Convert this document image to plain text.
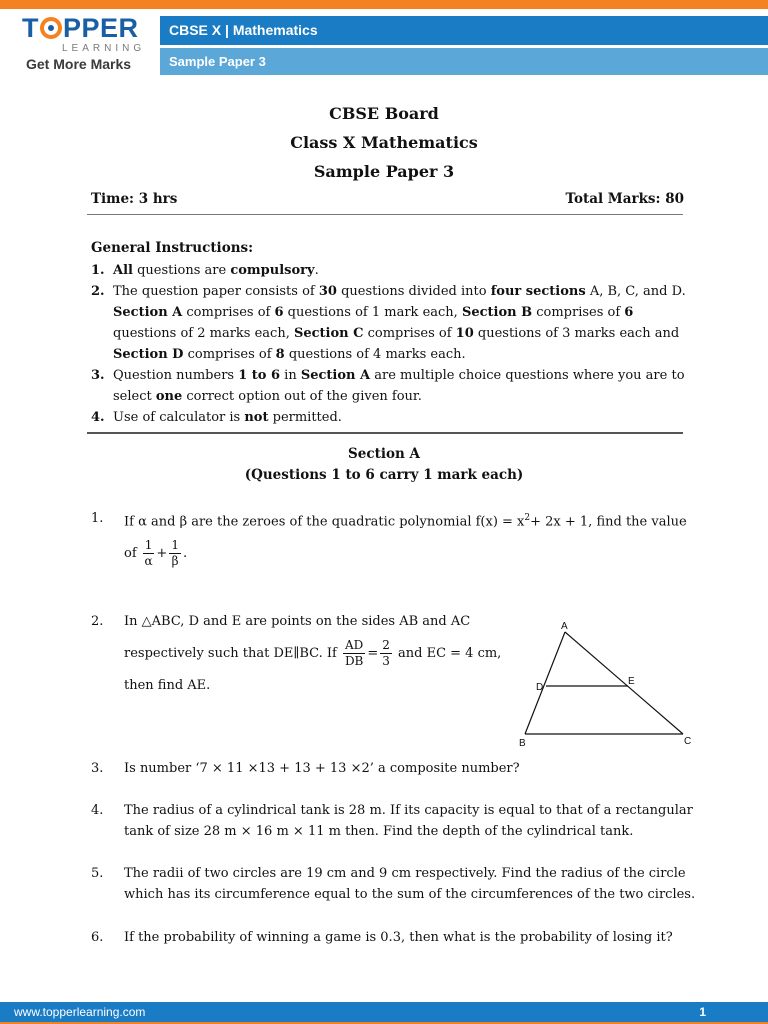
T PPER
LEARNING
Get More Marks
CBSE X | Mathematics
Sample Paper 3
CBSE Board
Class X Mathematics
Sample Paper 3
Time: 3 hrs	Total Marks: 80
General Instructions:
1. All questions are compulsory.
2. The question paper consists of 30 questions divided into four sections A, B, C, and D. Section A comprises of 6 questions of 1 mark each, Section B comprises of 6 questions of 2 marks each, Section C comprises of 10 questions of 3 marks each and Section D comprises of 8 questions of 4 marks each.
3. Question numbers 1 to 6 in Section A are multiple choice questions where you are to select one correct option out of the given four.
4. Use of calculator is not permitted.
Section A
(Questions 1 to 6 carry 1 mark each)
1. If α and β are the zeroes of the quadratic polynomial $f(x) = x^2+ 2x + 1$, find the value
of $\frac{1}{\alpha} + \frac{1}{\beta}$ .
2. In △ABC, D and E are points on the sides AB and AC
respectively such that DE∥BC. If $\frac{AD}{DB} = \frac{2}{3}$ and EC = 4 cm,
then find AE.
A
B	C
D
E
3. Is number ‘7 × 11 ×13 + 13 + 13 ×2’ a composite number?
4. The radius of a cylindrical tank is 28 m. If its capacity is equal to that of a rectangular
tank of size 28 m × 16 m × 11 m then. Find the depth of the cylindrical tank.
5. The radii of two circles are 19 cm and 9 cm respectively. Find the radius of the circle
which has its circumference equal to the sum of the circumferences of the two circles.
6. If the probability of winning a game is 0.3, then what is the probability of losing it?
www.topperlearning.com	1
